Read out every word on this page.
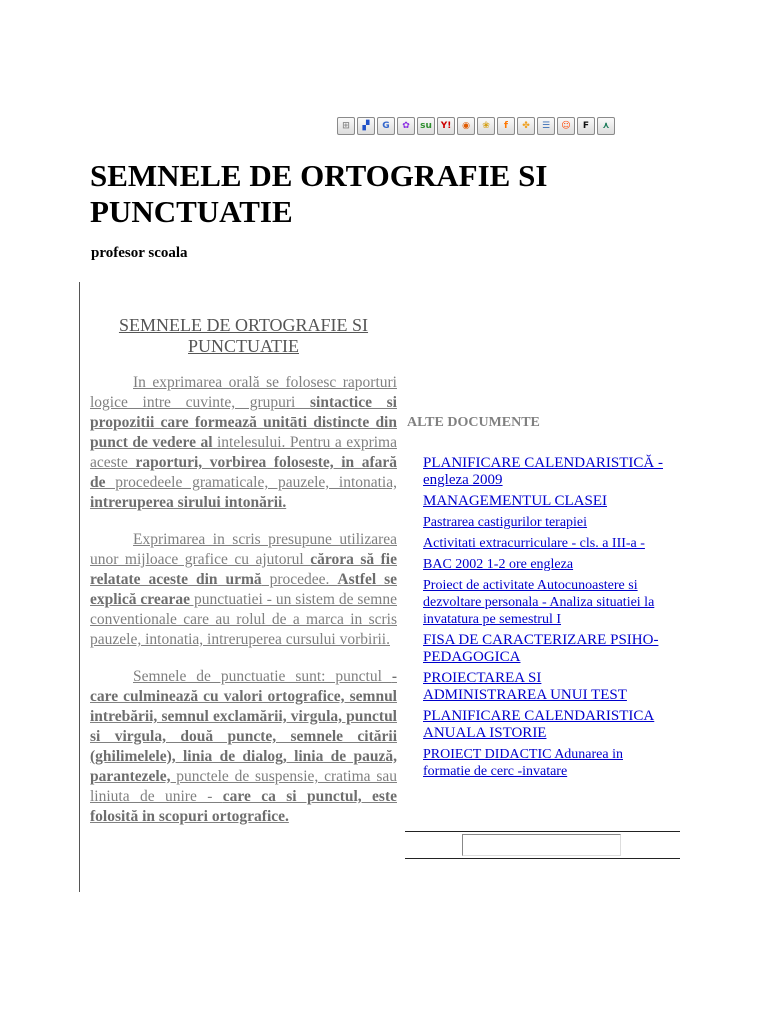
⊞ ▞ G ✿ su Y! ◉ ❀ f ✤ ☰ ☺ F ⋏
SEMNELE DE ORTOGRAFIE SI PUNCTUATIE
profesor scoala
SEMNELE DE ORTOGRAFIE SI PUNCTUATIE

In exprimarea orală se folosesc raporturi logice intre cuvinte, grupuri sintactice si propozitii care formează unitāti distincte din punct de vedere al intelesului. Pentru a exprima aceste raporturi, vorbirea foloseste, in afară de procedeele gramaticale, pauzele, intonatia, intreruperea sirului intonării.

Exprimarea in scris presupune utilizarea unor mijloace grafice cu ajutorul cărora să fie relatate aceste din urmă procedee. Astfel se explică crearae punctuatiei - un sistem de semne conventionale care au rolul de a marca in scris pauzele, intonatia, intreruperea cursului vorbirii.

Semnele de punctuatie sunt: punctul - care culminează cu valori ortografice, semnul intrebării, semnul exclamării, virgula, punctul si virgula, două puncte, semnele citării (ghilimelele), linia de dialog, linia de pauză, parantezele, punctele de suspensie, cratima sau liniuta de unire - care ca si punctul, este folosită in scopuri ortografice.

ALTE DOCUMENTE
PLANIFICARE CALENDARISTICĂ - engleza 2009
MANAGEMENTUL CLASEI
Pastrarea castigurilor terapiei
Activitati extracurriculare - cls. a III-a -
BAC 2002 1-2 ore engleza
Proiect de activitate Autocunoastere si dezvoltare personala - Analiza situatiei la invatatura pe semestrul I
FISA DE CARACTERIZARE PSIHO-PEDAGOGICA
PROIECTAREA SI ADMINISTRAREA UNUI TEST
PLANIFICARE CALENDARISTICA ANUALA ISTORIE
PROIECT DIDACTIC Adunarea in formatie de cerc -invatare
